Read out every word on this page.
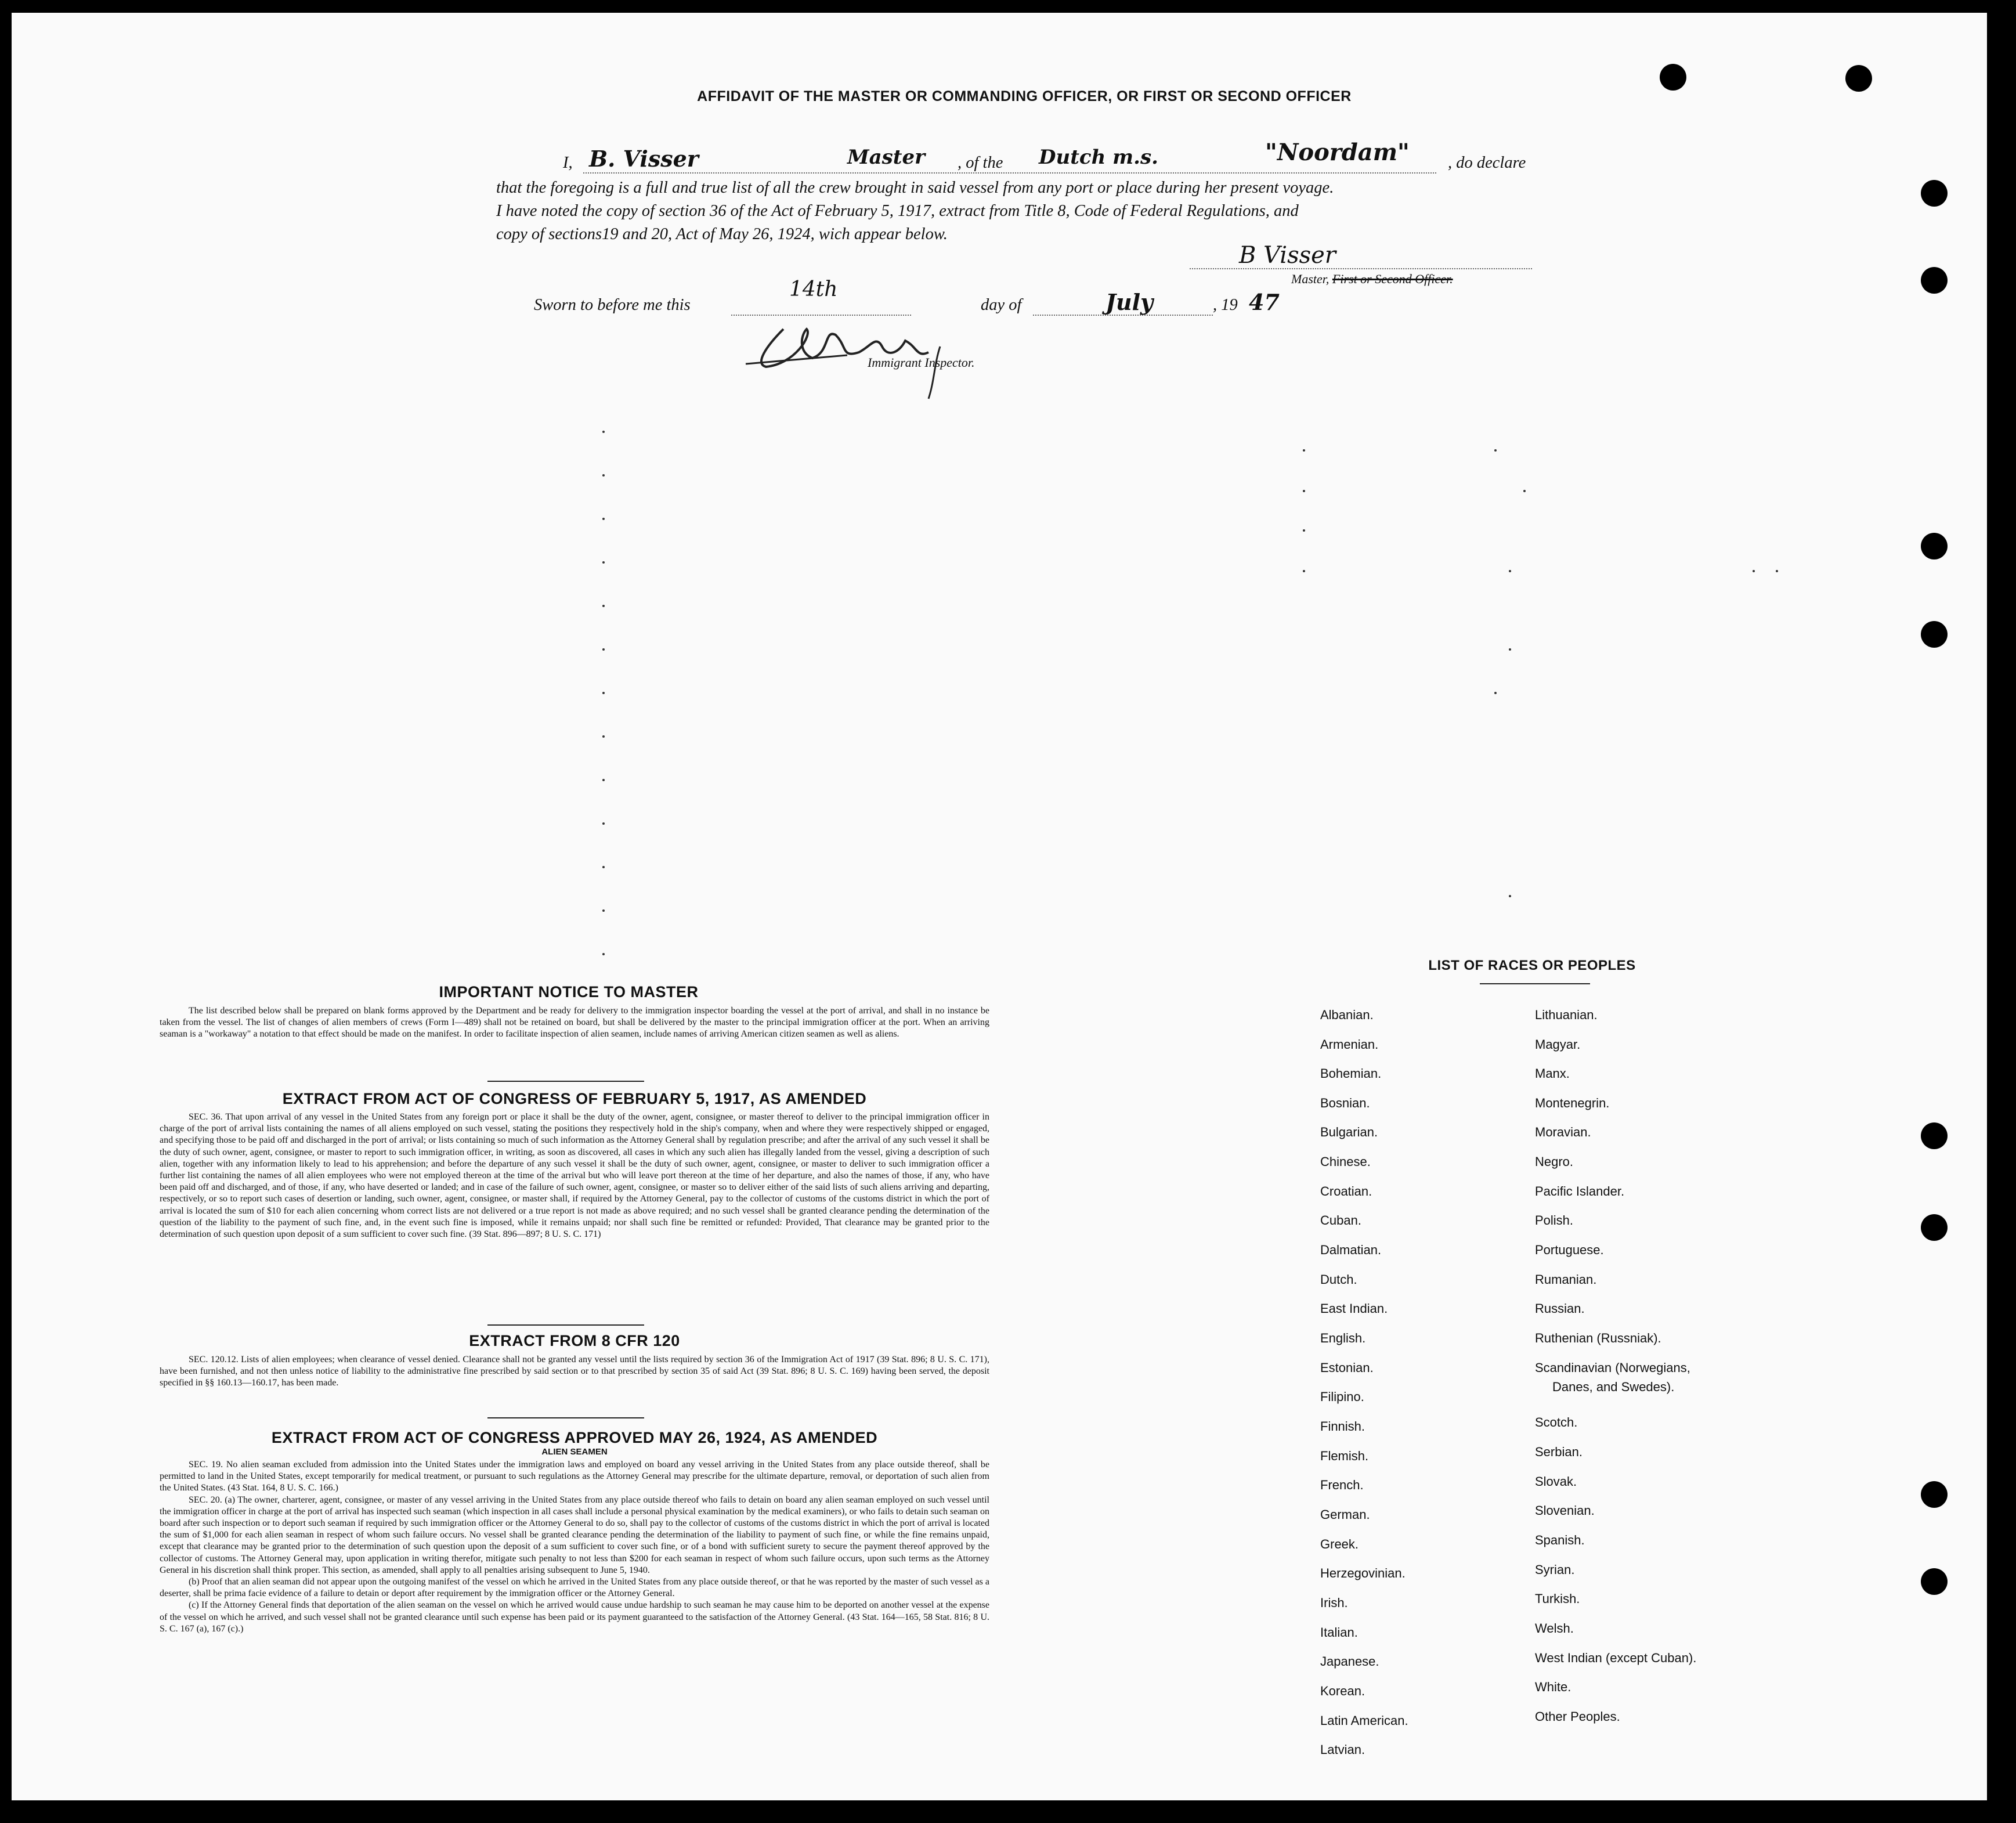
AFFIDAVIT OF THE MASTER OR COMMANDING OFFICER, OR FIRST OR SECOND OFFICER
I, B. Visser	Master , of the Dutch m.s.	"Noordam" , do declare
that the foregoing is a full and true list of all the crew brought in said vessel from any port or place during her present voyage.
I have noted the copy of section 36 of the Act of February 5, 1917, extract from Title 8, Code of Federal Regulations, and
copy of sections19 and 20, Act of May 26, 1924, wich appear below.
B Visser
Master, First or Second Officer.
Sworn to before me this
14th
day of	July	, 19 47
Immigrant Inspector.
IMPORTANT NOTICE TO MASTER

The list described below shall be prepared on blank forms approved by the Department and be ready for delivery to the immigration inspector boarding the vessel at the port of arrival, and shall in no instance be taken from the vessel. The list of changes of alien members of crews (Form I—489) shall not be retained on board, but shall be delivered by the master to the principal immigration officer at the port. When an arriving seaman is a "workaway" a notation to that effect should be made on the manifest. In order to facilitate inspection of alien seamen, include names of arriving American citizen seamen as well as aliens.

EXTRACT FROM ACT OF CONGRESS OF FEBRUARY 5, 1917, AS AMENDED

SEC. 36. That upon arrival of any vessel in the United States from any foreign port or place it shall be the duty of the owner, agent, consignee, or master thereof to deliver to the principal immigration officer in charge of the port of arrival lists containing the names of all aliens employed on such vessel, stating the positions they respectively hold in the ship's company, when and where they were respectively shipped or engaged, and specifying those to be paid off and discharged in the port of arrival; or lists containing so much of such information as the Attorney General shall by regulation prescribe; and after the arrival of any such vessel it shall be the duty of such owner, agent, consignee, or master to report to such immigration officer, in writing, as soon as discovered, all cases in which any such alien has illegally landed from the vessel, giving a description of such alien, together with any information likely to lead to his apprehension; and before the departure of any such vessel it shall be the duty of such owner, agent, consignee, or master to deliver to such immigration officer a further list containing the names of all alien employees who were not employed thereon at the time of the arrival but who will leave port thereon at the time of her departure, and also the names of those, if any, who have been paid off and discharged, and of those, if any, who have deserted or landed; and in case of the failure of such owner, agent, consignee, or master so to deliver either of the said lists of such aliens arriving and departing, respectively, or so to report such cases of desertion or landing, such owner, agent, consignee, or master shall, if required by the Attorney General, pay to the collector of customs of the customs district in which the port of arrival is located the sum of $10 for each alien concerning whom correct lists are not delivered or a true report is not made as above required; and no such vessel shall be granted clearance pending the determination of the question of the liability to the payment of such fine, and, in the event such fine is imposed, while it remains unpaid; nor shall such fine be remitted or refunded: Provided, That clearance may be granted prior to the determination of such question upon deposit of a sum sufficient to cover such fine. (39 Stat. 896—897; 8 U. S. C. 171)

EXTRACT FROM 8 CFR 120

SEC. 120.12. Lists of alien employees; when clearance of vessel denied. Clearance shall not be granted any vessel until the lists required by section 36 of the Immigration Act of 1917 (39 Stat. 896; 8 U. S. C. 171), have been furnished, and not then unless notice of liability to the administrative fine prescribed by said section or to that prescribed by section 35 of said Act (39 Stat. 896; 8 U. S. C. 169) having been served, the deposit specified in §§ 160.13—160.17, has been made.

EXTRACT FROM ACT OF CONGRESS APPROVED MAY 26, 1924, AS AMENDED
ALIEN SEAMEN

SEC. 19. No alien seaman excluded from admission into the United States under the immigration laws and employed on board any vessel arriving in the United States from any place outside thereof, shall be permitted to land in the United States, except temporarily for medical treatment, or pursuant to such regulations as the Attorney General may prescribe for the ultimate departure, removal, or deportation of such alien from the United States. (43 Stat. 164, 8 U. S. C. 166.)

SEC. 20. (a) The owner, charterer, agent, consignee, or master of any vessel arriving in the United States from any place outside thereof who fails to detain on board any alien seaman employed on such vessel until the immigration officer in charge at the port of arrival has inspected such seaman (which inspection in all cases shall include a personal physical examination by the medical examiners), or who fails to detain such seaman on board after such inspection or to deport such seaman if required by such immigration officer or the Attorney General to do so, shall pay to the collector of customs of the customs district in which the port of arrival is located the sum of $1,000 for each alien seaman in respect of whom such failure occurs. No vessel shall be granted clearance pending the determination of the liability to payment of such fine, or while the fine remains unpaid, except that clearance may be granted prior to the determination of such question upon the deposit of a sum sufficient to cover such fine, or of a bond with sufficient surety to secure the payment thereof approved by the collector of customs. The Attorney General may, upon application in writing therefor, mitigate such penalty to not less than $200 for each seaman in respect of whom such failure occurs, upon such terms as the Attorney General in his discretion shall think proper. This section, as amended, shall apply to all penalties arising subsequent to June 5, 1940.

(b) Proof that an alien seaman did not appear upon the outgoing manifest of the vessel on which he arrived in the United States from any place outside thereof, or that he was reported by the master of such vessel as a deserter, shall be prima facie evidence of a failure to detain or deport after requirement by the immigration officer or the Attorney General.

(c) If the Attorney General finds that deportation of the alien seaman on the vessel on which he arrived would cause undue hardship to such seaman he may cause him to be deported on another vessel at the expense of the vessel on which he arrived, and such vessel shall not be granted clearance until such expense has been paid or its payment guaranteed to the satisfaction of the Attorney General. (43 Stat. 164—165, 58 Stat. 816; 8 U. S. C. 167 (a), 167 (c).)

LIST OF RACES OR PEOPLES
Albanian.
Armenian.
Bohemian.
Bosnian.
Bulgarian.
Chinese.
Croatian.
Cuban.
Dalmatian.
Dutch.
East Indian.
English.
Estonian.
Filipino.
Finnish.
Flemish.
French.
German.
Greek.
Herzegovinian.
Irish.
Italian.
Japanese.
Korean.
Latin American.
Latvian.
Lithuanian.
Magyar.
Manx.
Montenegrin.
Moravian.
Negro.
Pacific Islander.
Polish.
Portuguese.
Rumanian.
Russian.
Ruthenian (Russniak).
Scandinavian (Norwegians,
Danes, and Swedes).
Scotch.
Serbian.
Slovak.
Slovenian.
Spanish.
Syrian.
Turkish.
Welsh.
West Indian (except Cuban).
White.
Other Peoples.
